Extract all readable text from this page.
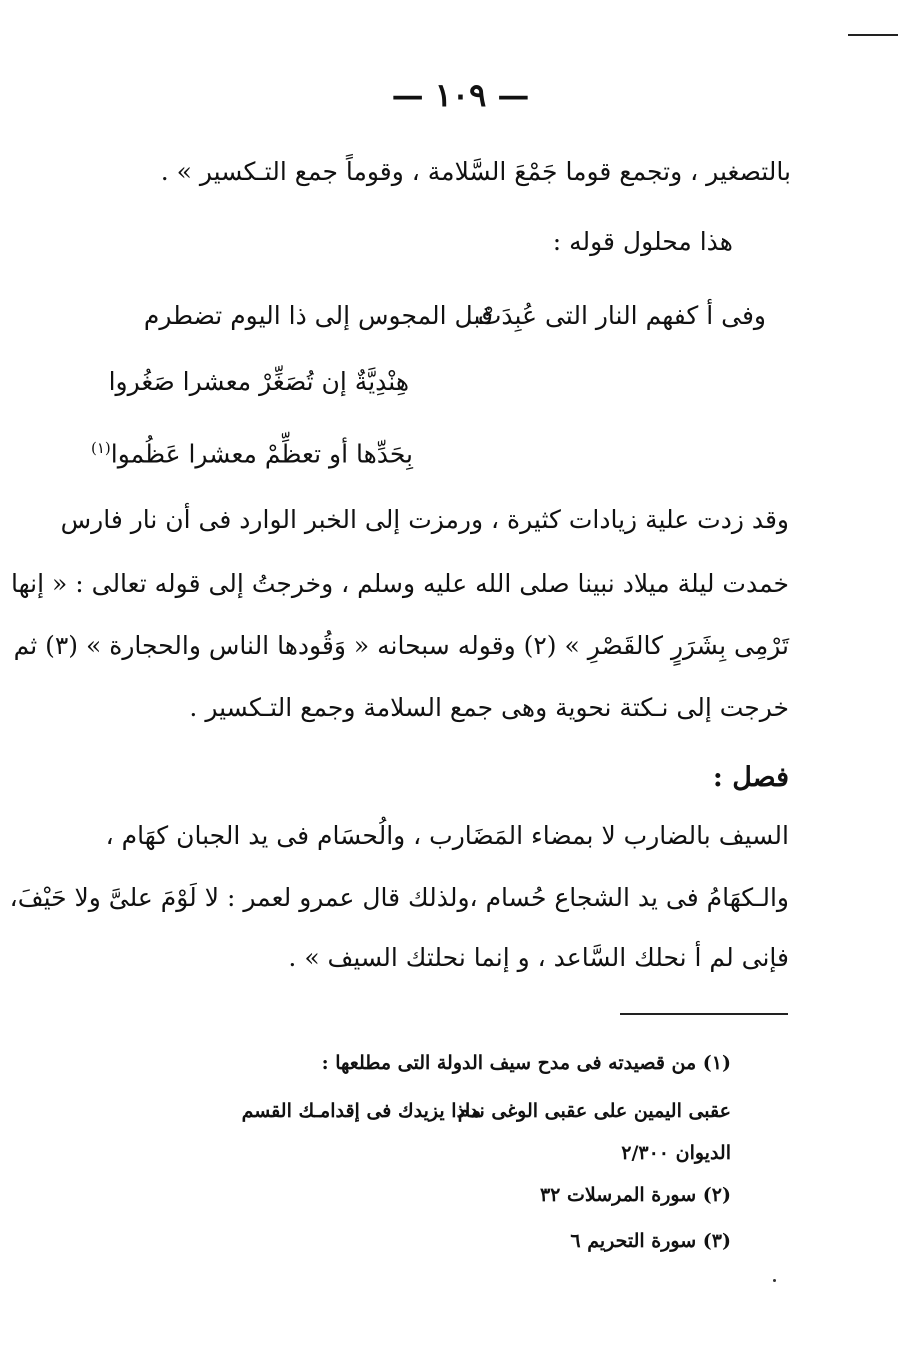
— ١٠٩ —
بالتصغير ، وتجمع قوما جَمْعَ السَّلامة ، وقوماً جمع التـكسير » .
هذا محلول قوله :
وفى أ كفهم النار التى عُبِدَتْ
قبل المجوس إلى ذا اليوم تضطرم
هِنْدِيَّةٌ إن تُصَغِّرْ معشرا صَغُروا
بِحَدِّها أو تعظِّمْ معشرا عَظُموا$^{(١)}$
وقد زدت علية زيادات كثيرة ، ورمزت إلى الخبر الوارد فى أن نار فارس
خمدت ليلة ميلاد نبينا صلى الله عليه وسلم ، وخرجتُ إلى قوله تعالى : « إنها
تَرْمِى بِشَرَرٍ كالقَصْرِ » (٢) وقوله سبحانه « وَقُودها الناس والحجارة » (٣) ثم
خرجت إلى نـكتة نحوية وهى جمع السلامة وجمع التـكسير .
فصل :
السيف بالضارب لا بمضاء المَضَارب ، والُحسَام فى يد الجبان كهَام ،
والـكهَامُ فى يد الشجاع حُسام ،ولذلك قال عمرو لعمر : لا لَوْمَ علىَّ ولا حَيْفَ،
فإنى لم أ نحلك السَّاعد ، و إنما نحلتك السيف » .
(١) من قصيدته فى مدح سيف الدولة التى مطلعها :
عقبى اليمين على عقبى الوغى ندم
ماذا يزيدك فى إقدامـك القسم
الديوان ٢/٣٠٠
(٢) سورة المرسلات ٣٢
(٣) سورة التحريم ٦
